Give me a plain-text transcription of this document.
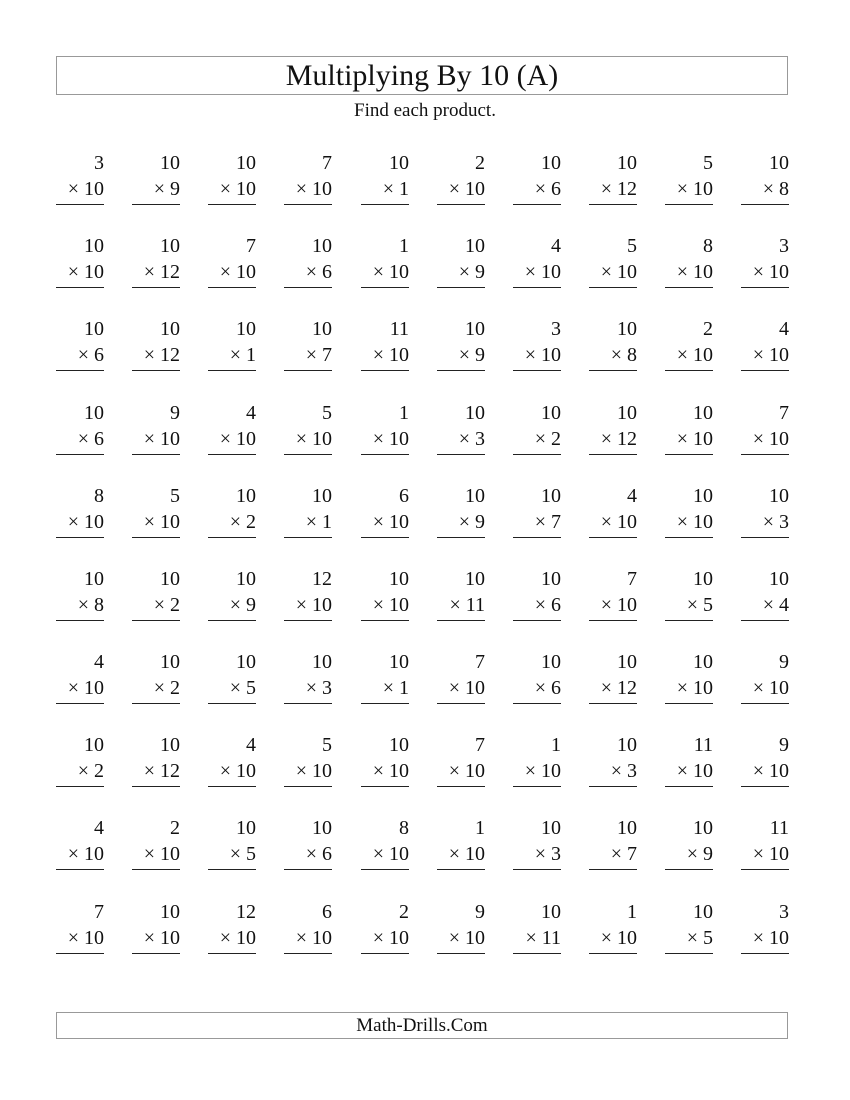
Multiplying By 10 (A)
Find each product.
3
× 10
10
× 9
10
× 10
7
× 10
10
× 1
2
× 10
10
× 6
10
× 12
5
× 10
10
× 8
10
× 10
10
× 12
7
× 10
10
× 6
1
× 10
10
× 9
4
× 10
5
× 10
8
× 10
3
× 10
10
× 6
10
× 12
10
× 1
10
× 7
11
× 10
10
× 9
3
× 10
10
× 8
2
× 10
4
× 10
10
× 6
9
× 10
4
× 10
5
× 10
1
× 10
10
× 3
10
× 2
10
× 12
10
× 10
7
× 10
8
× 10
5
× 10
10
× 2
10
× 1
6
× 10
10
× 9
10
× 7
4
× 10
10
× 10
10
× 3
10
× 8
10
× 2
10
× 9
12
× 10
10
× 10
10
× 11
10
× 6
7
× 10
10
× 5
10
× 4
4
× 10
10
× 2
10
× 5
10
× 3
10
× 1
7
× 10
10
× 6
10
× 12
10
× 10
9
× 10
10
× 2
10
× 12
4
× 10
5
× 10
10
× 10
7
× 10
1
× 10
10
× 3
11
× 10
9
× 10
4
× 10
2
× 10
10
× 5
10
× 6
8
× 10
1
× 10
10
× 3
10
× 7
10
× 9
11
× 10
7
× 10
10
× 10
12
× 10
6
× 10
2
× 10
9
× 10
10
× 11
1
× 10
10
× 5
3
× 10
Math-Drills.Com
